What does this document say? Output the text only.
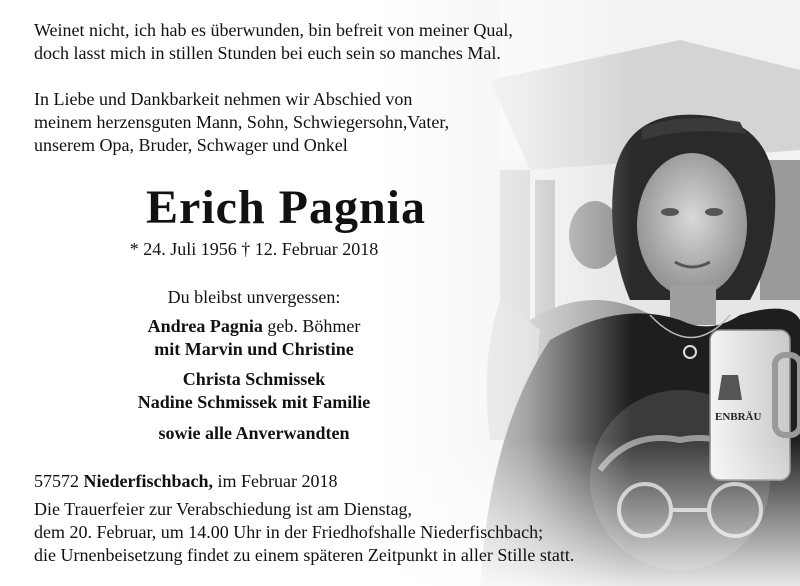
Weinet nicht, ich hab es überwunden, bin befreit von meiner Qual,
doch lasst mich in stillen Stunden bei euch sein so manches Mal.
In Liebe und Dankbarkeit nehmen wir Abschied von
meinem herzensguten Mann, Sohn, Schwiegersohn,Vater,
unserem Opa, Bruder, Schwager und Onkel
Erich Pagnia
* 24. Juli 1956 † 12. Februar 2018
Du bleibst unvergessen:
Andrea Pagnia geb. Böhmer
mit Marvin und Christine
Christa Schmissek
Nadine Schmissek mit Familie
sowie alle Anverwandten
57572 Niederfischbach, im Februar 2018
Die Trauerfeier zur Verabschiedung ist am Dienstag,
dem 20. Februar, um 14.00 Uhr in der Friedhofshalle Niederfischbach;
die Urnenbeisetzung findet zu einem späteren Zeitpunkt in aller Stille statt.
